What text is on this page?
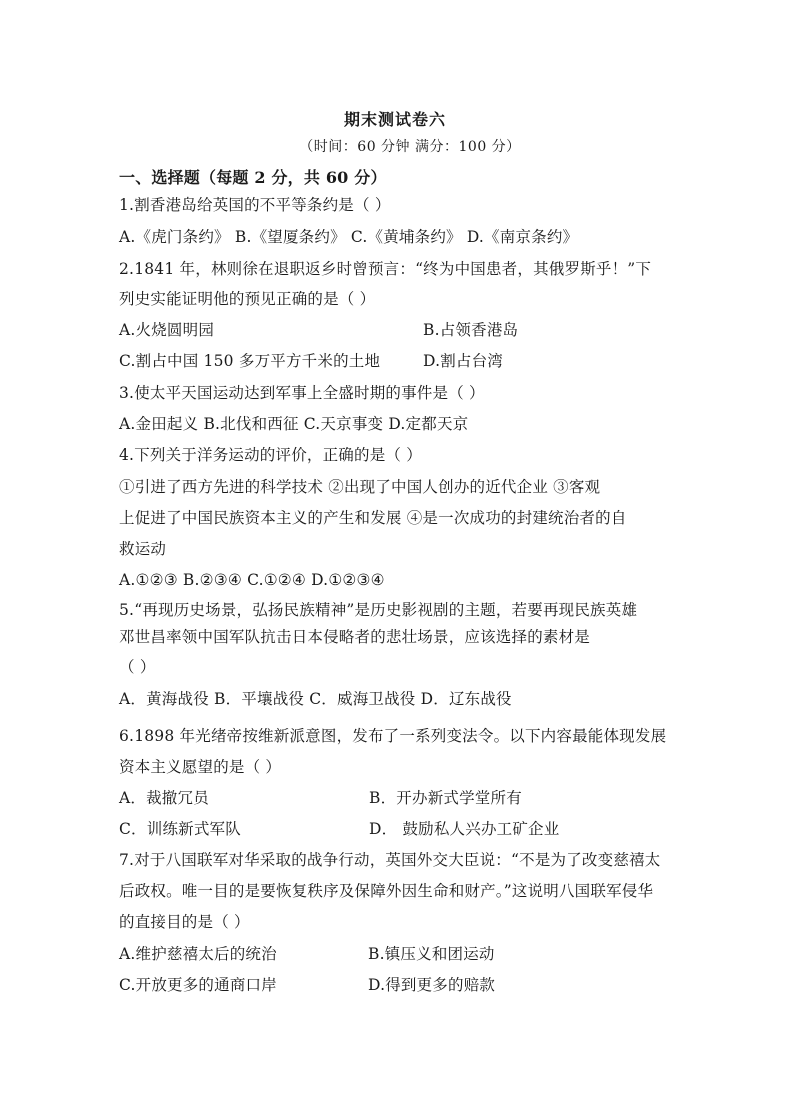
期末测试卷六
（时间：60 分钟 满分：100 分）
一、选择题（每题 2 分，共 60 分）
1.割香港岛给英国的不平等条约是（ ）
A.《虎门条约》 B.《望厦条约》 C.《黄埔条约》 D.《南京条约》
2.1841 年，林则徐在退职返乡时曾预言：“终为中国患者，其俄罗斯乎！”下
列史实能证明他的预见正确的是（ ）
A.火烧圆明园	B.占领香港岛
C.割占中国 150 多万平方千米的土地	D.割占台湾
3.使太平天国运动达到军事上全盛时期的事件是（ ）
A.金田起义 B.北伐和西征 C.天京事变 D.定都天京
4.下列关于洋务运动的评价，正确的是（ ）
①引进了西方先进的科学技术 ②出现了中国人创办的近代企业 ③客观
上促进了中国民族资本主义的产生和发展 ④是一次成功的封建统治者的自
救运动
A.①②③ B.②③④ C.①②④ D.①②③④
5.“再现历史场景，弘扬民族精神”是历史影视剧的主题，若要再现民族英雄
邓世昌率领中国军队抗击日本侵略者的悲壮场景，应该选择的素材是
（ ）
A．黄海战役 B．平壤战役 C．威海卫战役 D．辽东战役
6.1898 年光绪帝按维新派意图，发布了一系列变法令。以下内容最能体现发展
资本主义愿望的是（ ）
A．裁撤冗员	B．开办新式学堂所有
C．训练新式军队	D． 鼓励私人兴办工矿企业
7.对于八国联军对华采取的战争行动，英国外交大臣说：“不是为了改变慈禧太
后政权。唯一目的是要恢复秩序及保障外因生命和财产。”这说明八国联军侵华
的直接目的是（ ）
A.维护慈禧太后的统治	B.镇压义和团运动
C.开放更多的通商口岸	D.得到更多的赔款
